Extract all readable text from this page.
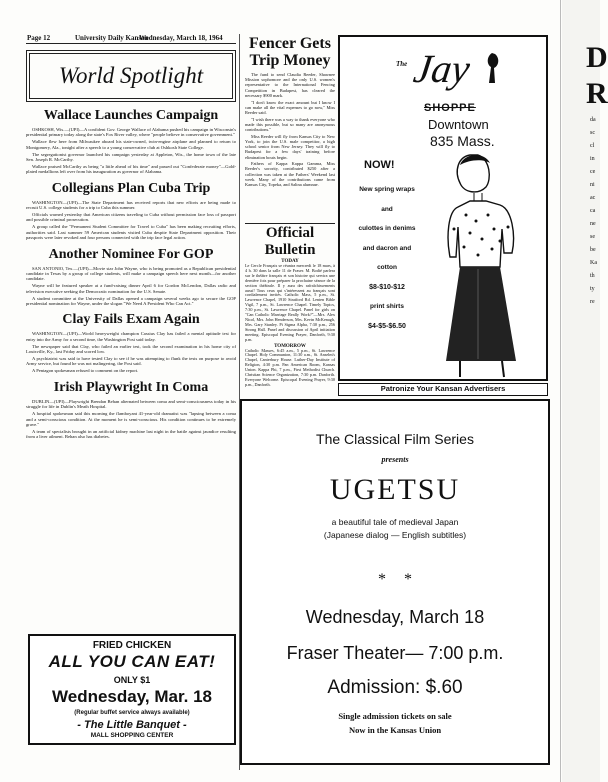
Page 12	University Daily Kansan
Wednesday, March 18, 1964
World Spotlight
Wallace Launches Campaign

OSHKOSH, Wis.—(UPI)—A confident Gov. George Wallace of Alabama pushed his campaign in Wisconsin's presidential primary today along the state's Fox River valley, where "people believe in conservative government."

Wallace flew here from Milwaukee aboard his state-owned, twin-engine airplane and planned to return to Montgomery, Ala., tonight after a speech to a young conservative club at Oshkosh State College.

The segregationist governor launched his campaign yesterday at Appleton, Wis., the home town of the late Sen. Joseph R. McCarthy.

Wallace praised McCarthy as being "a little ahead of his time" and passed out "Confederate money"—Gold-plated medallions left over from his inauguration as governor of Alabama.

Collegians Plan Cuba Trip

WASHINGTON—(UPI)—The State Department has received reports that new efforts are being made to recruit U.S. college students for a trip to Cuba this summer.

Officials warned yesterday that American citizens traveling to Cuba without permission face loss of passport and possible criminal prosecution.

A group called the "Permanent Student Committee for Travel to Cuba" has been making recruiting efforts, authorities said. Last summer 59 American students visited Cuba despite State Department opposition. Their passports were later revoked and four persons connected with the trip face legal action.

Another Nominee For GOP

SAN ANTONIO, Tex.—(UPI)—Movie star John Wayne, who is being promoted as a Republican presidential candidate in Texas by a group of college students, will make a campaign speech here next month—for another candidate.

Wayne will be featured speaker at a fund-raising dinner April 6 for Gordon McLendon, Dallas radio and television executive seeking the Democratic nomination for the U.S. Senate.

A student committee at the University of Dallas opened a campaign several weeks ago to secure the GOP presidential nomination for Wayne, under the slogan "We Need A President Who Can Act."

Clay Fails Exam Again

WASHINGTON—(UPI)—World heavyweight champion Cassius Clay has failed a mental aptitude test for entry into the Army for a second time, the Washington Post said today.

The newspaper said that Clay, who failed an earlier test, took the second examination in his home city of Louisville, Ky., last Friday and scored low.

A psychiatrist was said to have tested Clay to see if he was attempting to flunk the tests on purpose to avoid Army service, but found he was not malingering, the Post said.

A Pentagon spokesman refused to comment on the report.

Irish Playwright In Coma

DUBLIN—(UPI)—Playwright Brendan Behan alternated between coma and semi-consciousness today in his struggle for life in Dublin's Meath Hospital.

A hospital spokesman said this morning the flamboyant 41-year-old dramatist was "lapsing between a coma and a semi-conscious condition. At the moment he is semi-conscious. His condition continues to be extremely grave."

A team of specialists brought in an artificial kidney machine last night in the battle against jaundice resulting from a liver ailment. Behan also has diabetes.

FRIED CHICKEN
ALL YOU CAN EAT!
ONLY $1
Wednesday, Mar. 18
(Regular buffet service always available)
- The Little Banquet -
MALL SHOPPING CENTER
Fencer Gets Trip Money

The fund to send Claudia Reeder, Shawnee Mission sophomore and the only U.S. women's representative to the International Fencing Competition in Budapest, has cleared the necessary $900 mark.

"I don't know the exact amount but I know I can make all the vital expenses to go now," Miss Reeder said.

"I wish there was a way to thank everyone who made this possible, but so many are anonymous contributions."

Miss Reeder will fly from Kansas City to New York, to join the U.S. male competitor, a high school senior from New Jersey. They will fly to Budapest for a few days' training before elimination bouts begin.

Fathers of Kappa Kappa Gamma, Miss Reeder's sorority, contributed $250 after a collection was taken at the Fathers' Weekend last week. Many of the contributions came from Kansas City, Topeka, and Salina alumnae.

Official Bulletin
TODAY
Le Cercle Français se réunira mercredi le 18 mars, à 4 h. 30 dans la salle 11 de Fraser. M. Bodié parlera sur le théâtre français et son histoire qui servira une dernière fois pour préparer la prochaine séance de la section théâtrale. Il y aura des rafraîchissements aussi! Tous ceux qui s'intéressent au français sont cordialement invités. Catholic Mass, 5 p.m., St. Lawrence Chapel, 1910 Stratford Rd. Lenten Bible Vigil, 7 p.m., St. Lawrence Chapel. Timely Topics, 7:30 p.m., St. Lawrence Chapel. Panel for girls on "Can Catholic Marriage Really Work?"—Mrs. Alex Nicol, Mrs. John Henderson, Mrs. Kevin McKenagh, Mrs. Gary Stanley. Pi Sigma Alpha, 7:30 p.m., 256 Strong Hall. Panel and discussion of April initiation meeting. Episcopal Evening Prayer, Danforth, 9:30 p.m.
TOMORROW
Catholic Masses, 6:45 a.m., 5 p.m., St. Lawrence Chapel. Holy Communion, 11:30 a.m., St. Anselm's Chapel, Canterbury House. Luther-Day Institute of Religion, 4:30 p.m. Pan American Room, Kansas Union. Kappa Phi, 7 p.m., First Methodist Church. Christian Science Organization, 7:30 p.m. Danforth. Everyone Welcome. Episcopal Evening Prayer, 9:30 p.m., Danforth.
The Jay
SHOPPE
Downtown
835 Mass.
NOW!
New spring wraps
and
culottes in denims
and dacron and
cotton
$8-$10-$12
print shirts
$4-$5-$6.50
Patronize Your Kansan Advertisers
The Classical Film Series
presents
UGETSU
a beautiful tale of medieval Japan
(Japanese dialog — English subtitles)
* *
Wednesday, March 18
Fraser Theater— 7:00 p.m.
Admission: $.60
Single admission tickets on sale
Now in the Kansas Union
D
R
da
sc
cl
in
ce
ni
ac
ca
ne
se
be
Ka
th
ty
re
